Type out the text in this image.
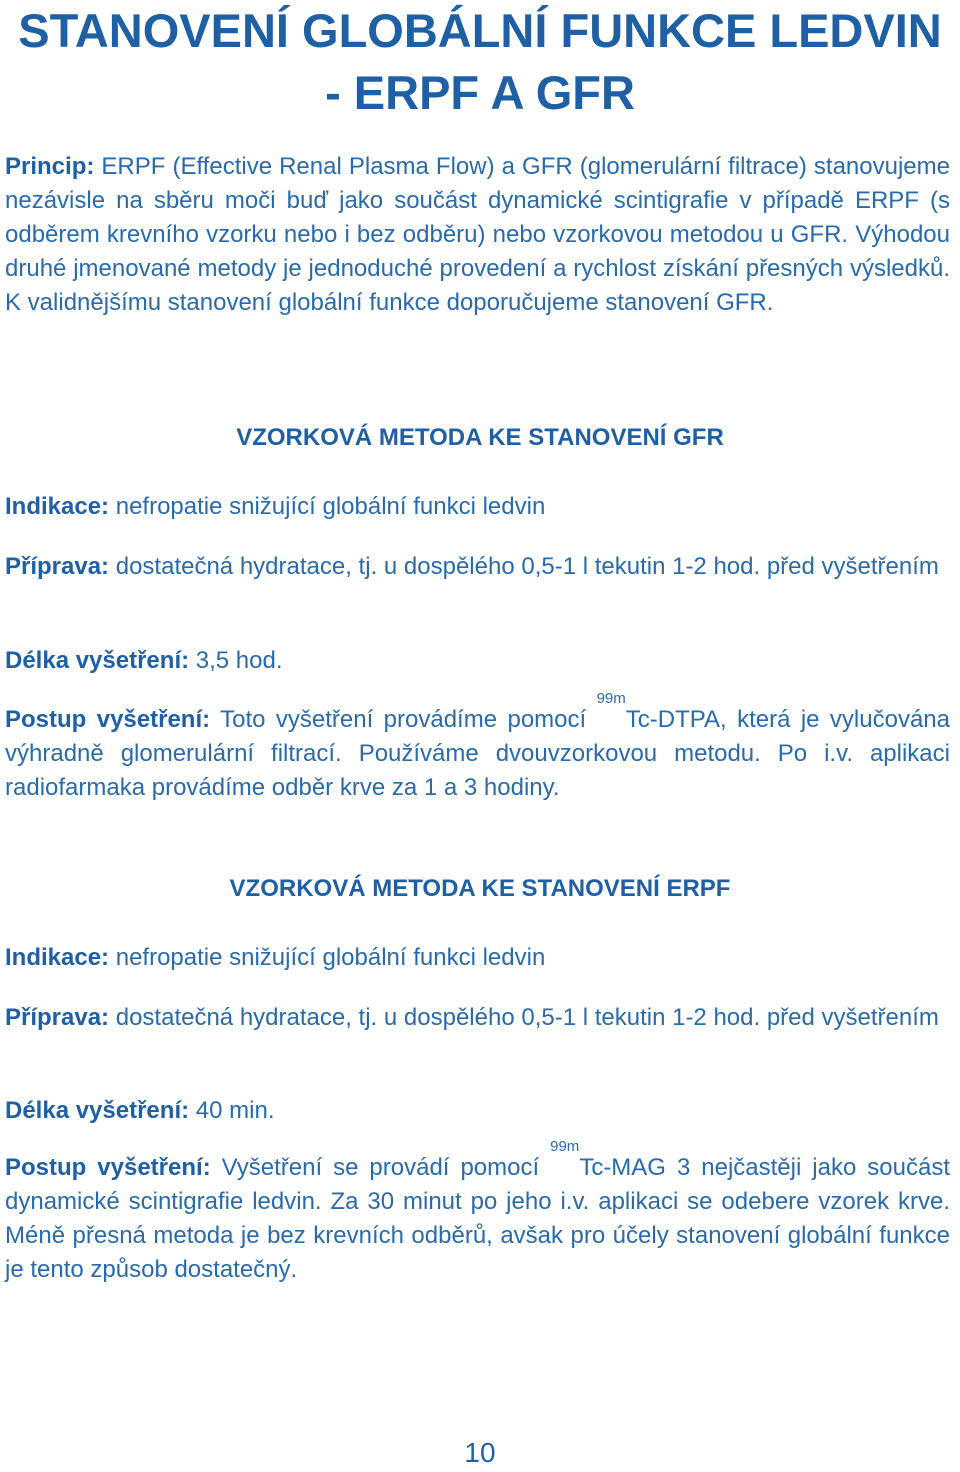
STANOVENÍ GLOBÁLNÍ FUNKCE LEDVIN
- ERPF A GFR

Princip: ERPF (Effective Renal Plasma Flow) a GFR (glomerulární filtrace) stanovujeme nezávisle na sběru moči buď jako součást dynamické scintigrafie v případě ERPF (s odběrem krevního vzorku nebo i bez odběru) nebo vzorkovou metodou u GFR. Výhodou druhé jmenované metody je jednoduché provedení a rychlost získání přesných výsledků. K validnějšímu stanovení globální funkce doporučujeme stanovení GFR.

VZORKOVÁ METODA KE STANOVENÍ GFR

Indikace: nefropatie snižující globální funkci ledvin

Příprava: dostatečná hydratace, tj. u dospělého 0,5-1 l tekutin 1-2 hod. před vyšetřením

Délka vyšetření: 3,5 hod.

Postup vyšetření: Toto vyšetření provádíme pomocí $^{99m}$Tc-DTPA, která je vylučována výhradně glomerulární filtrací. Používáme dvouvzorkovou metodu. Po i.v. aplikaci radiofarmaka provádíme odběr krve za 1 a 3 hodiny.

VZORKOVÁ METODA KE STANOVENÍ ERPF

Indikace: nefropatie snižující globální funkci ledvin

Příprava: dostatečná hydratace, tj. u dospělého 0,5-1 l tekutin 1-2 hod. před vyšetřením

Délka vyšetření: 40 min.

Postup vyšetření: Vyšetření se provádí pomocí $^{99m}$Tc-MAG 3 nejčastěji jako součást dynamické scintigrafie ledvin. Za 30 minut po jeho i.v. aplikaci se odebere vzorek krve. Méně přesná metoda je bez krevních odběrů, avšak pro účely stanovení globální funkce je tento způsob dostatečný.

10
